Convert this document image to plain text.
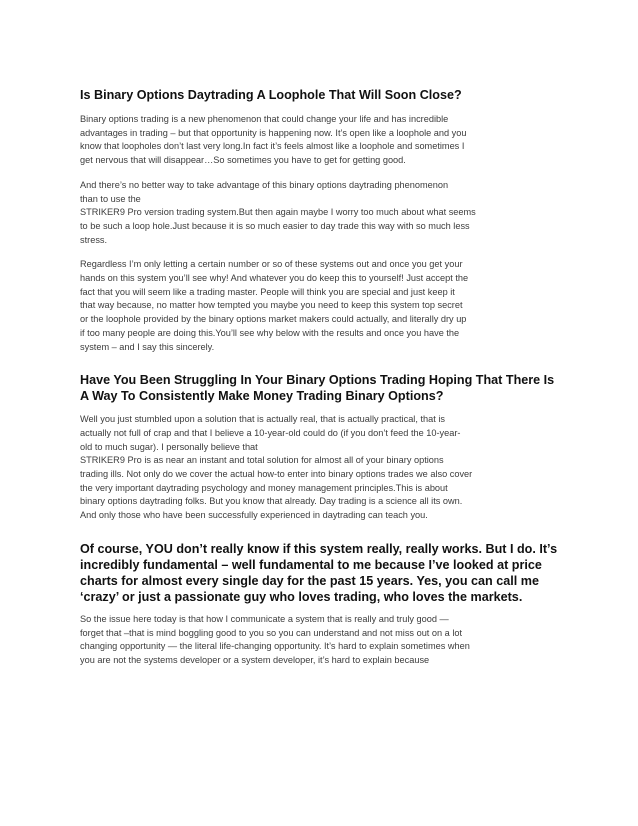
Is Binary Options Daytrading A Loophole That Will Soon Close?
Binary options trading is a new phenomenon that could change your life and has incredible
advantages in trading – but that opportunity is happening now. It’s open like a loophole and you
know that loopholes don’t last very long.In fact it’s feels almost like a loophole and sometimes I
get nervous that will disappear…So sometimes you have to get for getting good.
And there’s no better way to take advantage of this binary options daytrading phenomenon
than to use the
STRIKER9 Pro version trading system.But then again maybe I worry too much about what seems
to be such a loop hole.Just because it is so much easier to day trade this way with so much less
stress.
Regardless I’m only letting a certain number or so of these systems out and once you get your
hands on this system you’ll see why! And whatever you do keep this to yourself! Just accept the
fact that you will seem like a trading master. People will think you are special and just keep it
that way because, no matter how tempted you maybe you need to keep this system top secret
or the loophole provided by the binary options market makers could actually, and literally dry up
if too many people are doing this.You’ll see why below with the results and once you have the
system – and I say this sincerely.
Have You Been Struggling In Your Binary Options Trading Hoping That There Is
A Way To Consistently Make Money Trading Binary Options?
Well you just stumbled upon a solution that is actually real, that is actually practical, that is
actually not full of crap and that I believe a 10-year-old could do (if you don’t feed the 10-year-
old to much sugar). I personally believe that
STRIKER9 Pro is as near an instant and total solution for almost all of your binary options
trading ills. Not only do we cover the actual how-to enter into binary options trades we also cover
the very important daytrading psychology and money management principles.This is about
binary options daytrading folks. But you know that already. Day trading is a science all its own.
And only those who have been successfully experienced in daytrading can teach you.
Of course, YOU don’t really know if this system really, really works. But I do. It’s
incredibly fundamental – well fundamental to me because I’ve looked at price
charts for almost every single day for the past 15 years. Yes, you can call me
‘crazy’ or just a passionate guy who loves trading, who loves the markets.
So the issue here today is that how I communicate a system that is really and truly good —
forget that –that is mind boggling good to you so you can understand and not miss out on a lot
changing opportunity — the literal life-changing opportunity. It’s hard to explain sometimes when
you are not the systems developer or a system developer, it’s hard to explain because
